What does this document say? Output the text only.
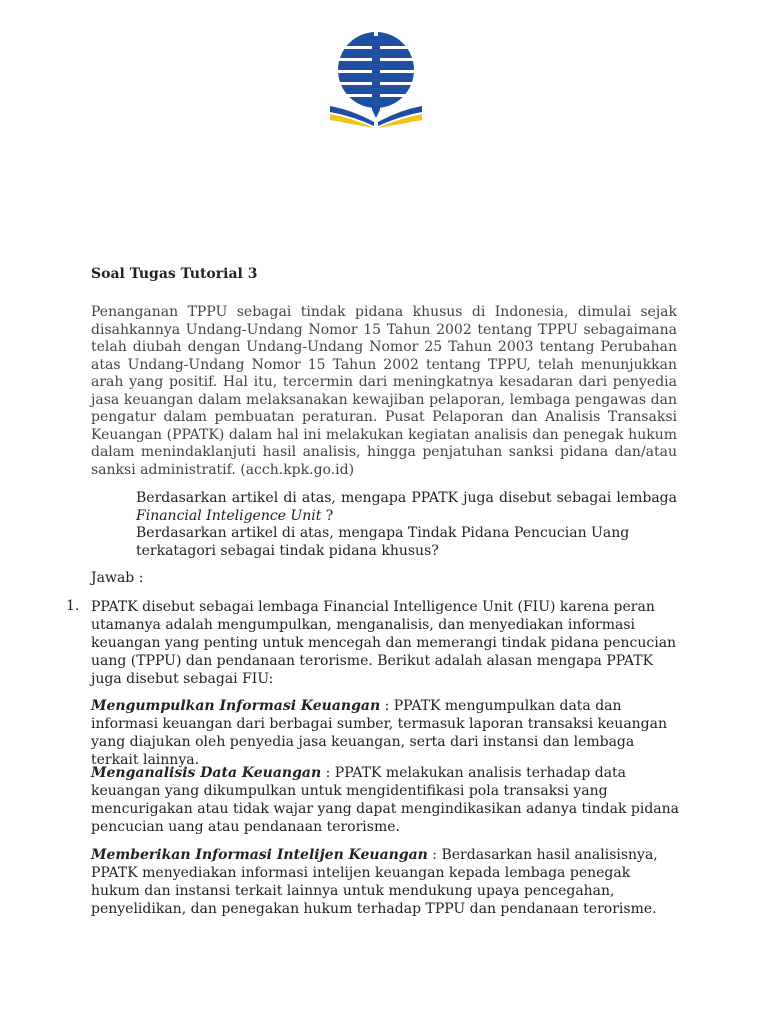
Soal Tugas Tutorial 3

Penanganan TPPU sebagai tindak pidana khusus di Indonesia, dimulai sejak disahkannya Undang-Undang Nomor 15 Tahun 2002 tentang TPPU sebagaimana telah diubah dengan Undang-Undang Nomor 25 Tahun 2003 tentang Perubahan atas Undang-Undang Nomor 15 Tahun 2002 tentang TPPU, telah menunjukkan arah yang positif. Hal itu, tercermin dari meningkatnya kesadaran dari penyedia jasa keuangan dalam melaksanakan kewajiban pelaporan, lembaga pengawas dan pengatur dalam pembuatan peraturan. Pusat Pelaporan dan Analisis Transaksi Keuangan (PPATK) dalam hal ini melakukan kegiatan analisis dan penegak hukum dalam menindaklanjuti hasil analisis, hingga penjatuhan sanksi pidana dan/atau sanksi administratif. (acch.kpk.go.id)

Berdasarkan artikel di atas, mengapa PPATK juga disebut sebagai lembaga Financial Inteligence Unit ?

Berdasarkan artikel di atas, mengapa Tindak Pidana Pencucian Uang terkatagori sebagai tindak pidana khusus?

Jawab :
1. PPATK disebut sebagai lembaga Financial Intelligence Unit (FIU) karena peran utamanya adalah mengumpulkan, menganalisis, dan menyediakan informasi keuangan yang penting untuk mencegah dan memerangi tindak pidana pencucian uang (TPPU) dan pendanaan terorisme. Berikut adalah alasan mengapa PPATK juga disebut sebagai FIU:

Mengumpulkan Informasi Keuangan : PPATK mengumpulkan data dan informasi keuangan dari berbagai sumber, termasuk laporan transaksi keuangan yang diajukan oleh penyedia jasa keuangan, serta dari instansi dan lembaga terkait lainnya.

Menganalisis Data Keuangan : PPATK melakukan analisis terhadap data keuangan yang dikumpulkan untuk mengidentifikasi pola transaksi yang mencurigakan atau tidak wajar yang dapat mengindikasikan adanya tindak pidana pencucian uang atau pendanaan terorisme.

Memberikan Informasi Intelijen Keuangan : Berdasarkan hasil analisisnya, PPATK menyediakan informasi intelijen keuangan kepada lembaga penegak hukum dan instansi terkait lainnya untuk mendukung upaya pencegahan, penyelidikan, dan penegakan hukum terhadap TPPU dan pendanaan terorisme.
